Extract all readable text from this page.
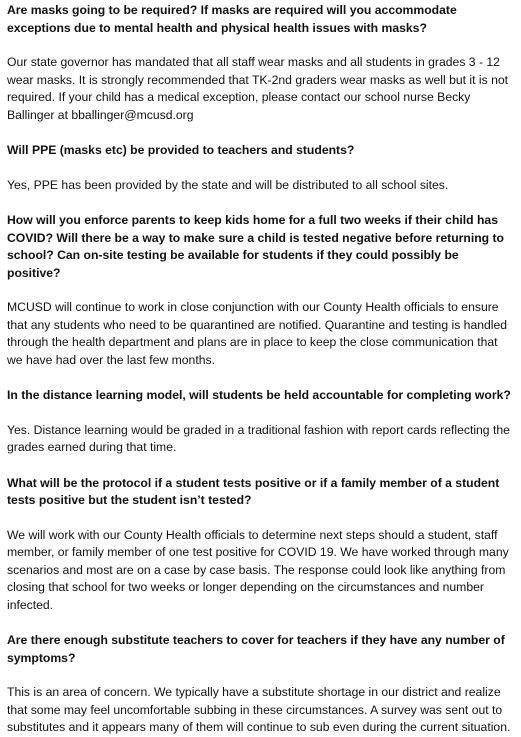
Are masks going to be required? If masks are required will you accommodate exceptions due to mental health and physical health issues with masks?

Our state governor has mandated that all staff wear masks and all students in grades 3 - 12 wear masks. It is strongly recommended that TK-2nd graders wear masks as well but it is not required. If your child has a medical exception, please contact our school nurse Becky Ballinger at bballinger@mcusd.org

Will PPE (masks etc) be provided to teachers and students?

Yes, PPE has been provided by the state and will be distributed to all school sites.

How will you enforce parents to keep kids home for a full two weeks if their child has COVID? Will there be a way to make sure a child is tested negative before returning to school? Can on-site testing be available for students if they could possibly be positive?

MCUSD will continue to work in close conjunction with our County Health officials to ensure that any students who need to be quarantined are notified. Quarantine and testing is handled through the health department and plans are in place to keep the close communication that we have had over the last few months.

In the distance learning model, will students be held accountable for completing work?

Yes. Distance learning would be graded in a traditional fashion with report cards reflecting the grades earned during that time.

What will be the protocol if a student tests positive or if a family member of a student tests positive but the student isn’t tested?

We will work with our County Health officials to determine next steps should a student, staff member, or family member of one test positive for COVID 19. We have worked through many scenarios and most are on a case by case basis. The response could look like anything from closing that school for two weeks or longer depending on the circumstances and number infected.

Are there enough substitute teachers to cover for teachers if they have any number of symptoms?

This is an area of concern. We typically have a substitute shortage in our district and realize that some may feel uncomfortable subbing in these circumstances. A survey was sent out to substitutes and it appears many of them will continue to sub even during the current situation.
